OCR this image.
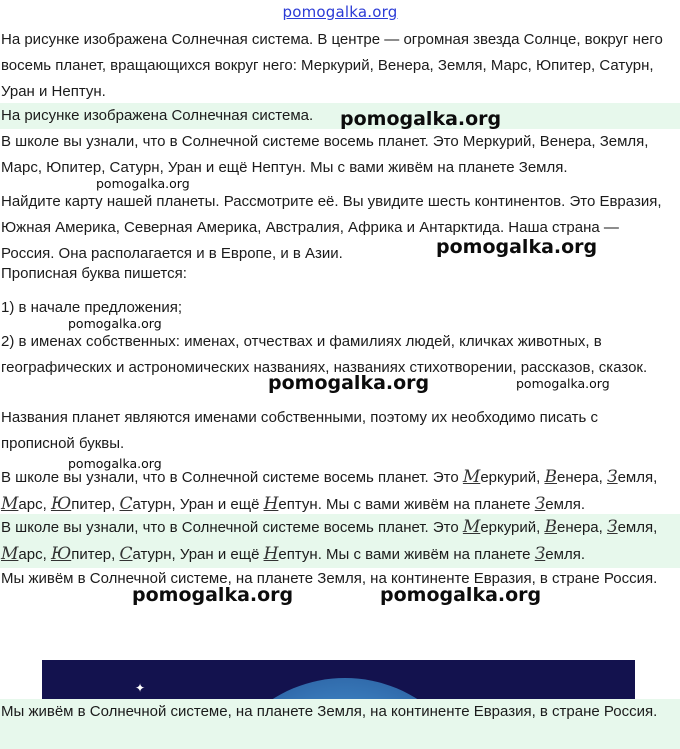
pomogalka.org
На рисунке изображена Солнечная система. В центре — огромная звезда Солнце, вокруг него восемь планет, вращающихся вокруг него: Меркурий, Венера, Земля, Марс, Юпитер, Сатурн, Уран и Нептун.
На рисунке изображена Солнечная система.
В школе вы узнали, что в Солнечной системе восемь планет. Это Меркурий, Венера, Земля, Марс, Юпитер, Сатурн, Уран и ещё Нептун. Мы с вами живём на планете Земля.
Найдите карту нашей планеты. Рассмотрите её. Вы увидите шесть континентов. Это Евразия, Южная Америка, Северная Америка, Австралия, Африка и Антарктида. Наша страна — Россия. Она располагается и в Европе, и в Азии.
Прописная буква пишется:
1) в начале предложения;
2) в именах собственных: именах, отчествах и фамилиях людей, кличках животных, в географических и астрономических названиях, названиях стихотворении, рассказов, сказок.
Названия планет являются именами собственными, поэтому их необходимо писать с прописной буквы.
В школе вы узнали, что в Солнечной системе восемь планет. Это Меркурий, Венера, Земля, Марс, Юпитер, Сатурн, Уран и ещё Нептун. Мы с вами живём на планете Земля.
В школе вы узнали, что в Солнечной системе восемь планет. Это Меркурий, Венера, Земля, Марс, Юпитер, Сатурн, Уран и ещё Нептун. Мы с вами живём на планете Земля.
Мы живём в Солнечной системе, на планете Земля, на континенте Евразия, в стране Россия.
✦
Мы живём в Солнечной системе, на планете Земля, на континенте Евразия, в стране Россия.
pomogalka.org
pomogalka.org
pomogalka.org
pomogalka.org
pomogalka.org	pomogalka.org
pomogalka.org
pomogalka.org	pomogalka.org
